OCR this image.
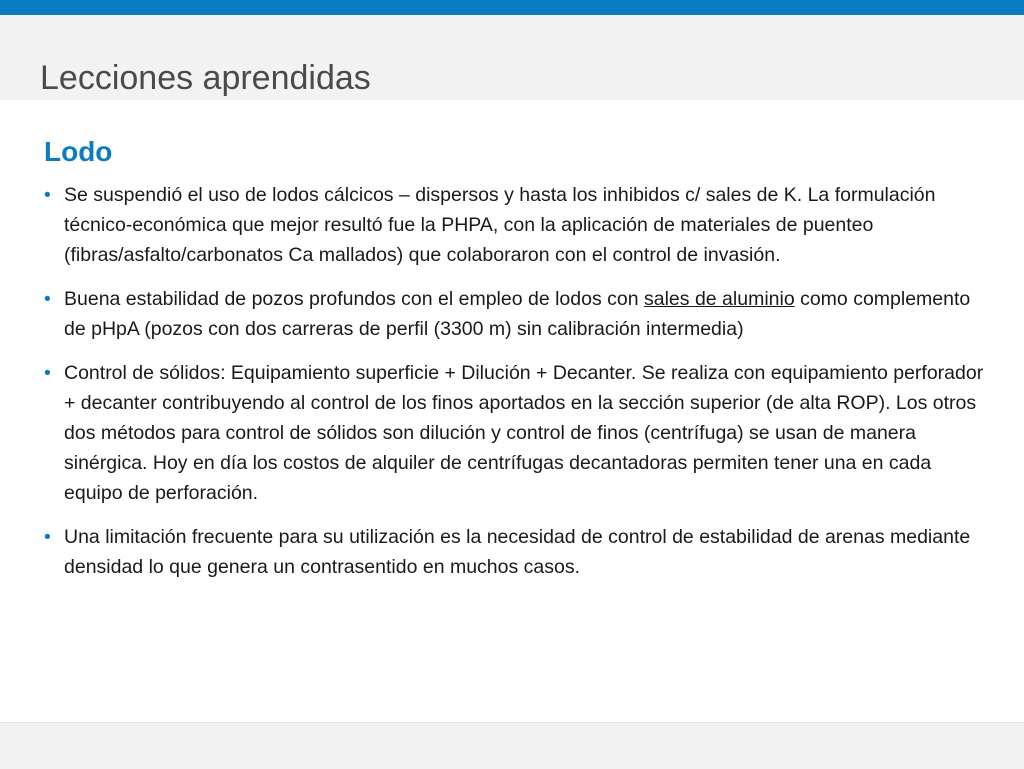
Lecciones aprendidas
Lodo
• Se suspendió el uso de lodos cálcicos – dispersos y hasta los inhibidos c/ sales de K. La formulación técnico-económica que mejor resultó fue la PHPA, con la aplicación de materiales de puenteo (fibras/asfalto/carbonatos Ca mallados) que colaboraron con el control de invasión.
• Buena estabilidad de pozos profundos con el empleo de lodos con sales de aluminio como complemento de pHpA (pozos con dos carreras de perfil (3300 m) sin calibración intermedia)
• Control de sólidos: Equipamiento superficie + Dilución + Decanter. Se realiza con equipamiento perforador + decanter contribuyendo al control de los finos aportados en la sección superior (de alta ROP). Los otros dos métodos para control de sólidos son dilución y control de finos (centrífuga) se usan de manera sinérgica. Hoy en día los costos de alquiler de centrífugas decantadoras permiten tener una en cada equipo de perforación.
• Una limitación frecuente para su utilización es la necesidad de control de estabilidad de arenas mediante densidad lo que genera un contrasentido en muchos casos.
